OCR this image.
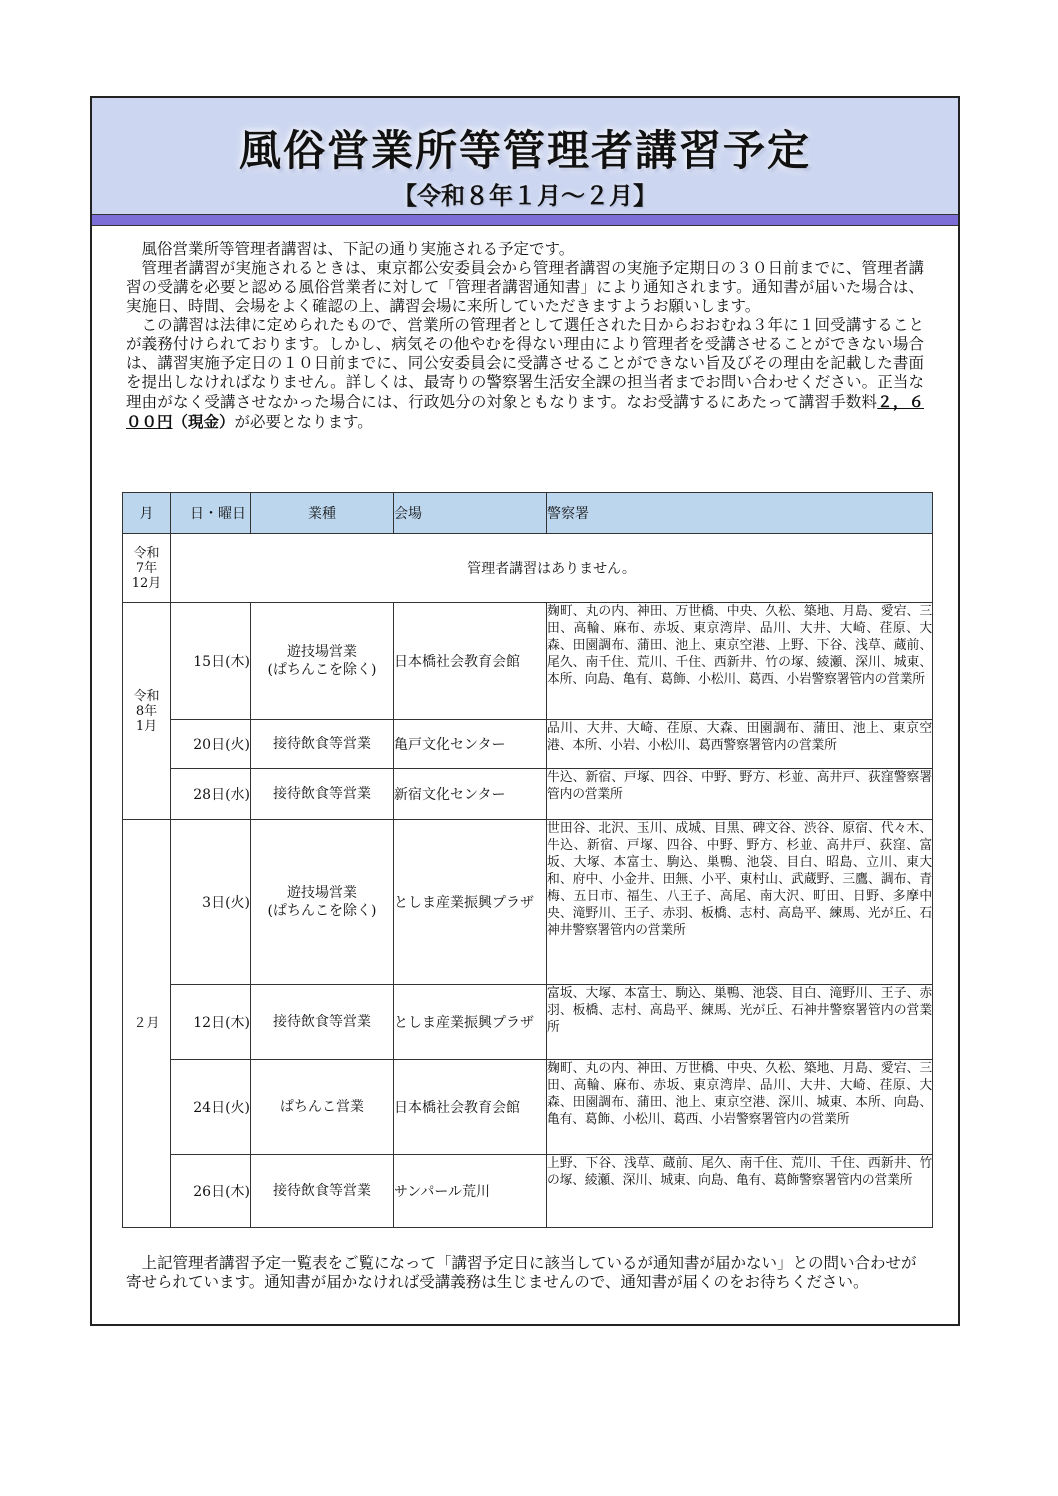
風俗営業所等管理者講習予定
【令和８年１月～２月】

風俗営業所等管理者講習は、下記の通り実施される予定です。

管理者講習が実施されるときは、東京都公安委員会から管理者講習の実施予定期日の３０日前までに、管理者講習の受講を必要と認める風俗営業者に対して「管理者講習通知書」により通知されます。通知書が届いた場合は、実施日、時間、会場をよく確認の上、講習会場に来所していただきますようお願いします。

この講習は法律に定められたもので、営業所の管理者として選任された日からおおむね３年に１回受講することが義務付けられております。しかし、病気その他やむを得ない理由により管理者を受講させることができない場合は、講習実施予定日の１０日前までに、同公安委員会に受講させることができない旨及びその理由を記載した書面を提出しなければなりません。詳しくは、最寄りの警察署生活安全課の担当者までお問い合わせください。正当な理由がなく受講させなかった場合には、行政処分の対象ともなります。なお受講するにあたって講習手数料２，６００円（現金）が必要となります。

月	日・曜日	業種	会場	警察署
令和
7年
12月	管理者講習はありません。			
令和
8年
1月	15日(木)	遊技場営業
(ぱちんこを除く)	日本橋社会教育会館	麹町、丸の内、神田、万世橋、中央、久松、築地、月島、愛宕、三田、高輪、麻布、赤坂、東京湾岸、品川、大井、大崎、荏原、大森、田園調布、蒲田、池上、東京空港、上野、下谷、浅草、蔵前、尾久、南千住、荒川、千住、西新井、竹の塚、綾瀬、深川、城東、本所、向島、亀有、葛飾、小松川、葛西、小岩警察署管内の営業所
	20日(火)	接待飲食等営業	亀戸文化センター	品川、大井、大崎、荏原、大森、田園調布、蒲田、池上、東京空港、本所、小岩、小松川、葛西警察署管内の営業所
	28日(水)	接待飲食等営業	新宿文化センター	牛込、新宿、戸塚、四谷、中野、野方、杉並、高井戸、荻窪警察署管内の営業所
２月	3日(火)	遊技場営業
(ぱちんこを除く)	としま産業振興プラザ	世田谷、北沢、玉川、成城、目黒、碑文谷、渋谷、原宿、代々木、牛込、新宿、戸塚、四谷、中野、野方、杉並、高井戸、荻窪、富坂、大塚、本富士、駒込、巣鴨、池袋、目白、昭島、立川、東大和、府中、小金井、田無、小平、東村山、武蔵野、三鷹、調布、青梅、五日市、福生、八王子、高尾、南大沢、町田、日野、多摩中央、滝野川、王子、赤羽、板橋、志村、高島平、練馬、光が丘、石神井警察署管内の営業所
	12日(木)	接待飲食等営業	としま産業振興プラザ	富坂、大塚、本富士、駒込、巣鴨、池袋、目白、滝野川、王子、赤羽、板橋、志村、高島平、練馬、光が丘、石神井警察署管内の営業所
	24日(火)	ぱちんこ営業	日本橋社会教育会館	麹町、丸の内、神田、万世橋、中央、久松、築地、月島、愛宕、三田、高輪、麻布、赤坂、東京湾岸、品川、大井、大崎、荏原、大森、田園調布、蒲田、池上、東京空港、深川、城東、本所、向島、亀有、葛飾、小松川、葛西、小岩警察署管内の営業所
	26日(木)	接待飲食等営業	サンパール荒川	上野、下谷、浅草、蔵前、尾久、南千住、荒川、千住、西新井、竹の塚、綾瀬、深川、城東、向島、亀有、葛飾警察署管内の営業所

上記管理者講習予定一覧表をご覧になって「講習予定日に該当しているが通知書が届かない」との問い合わせが寄せられています。通知書が届かなければ受講義務は生じませんので、通知書が届くのをお待ちください。
